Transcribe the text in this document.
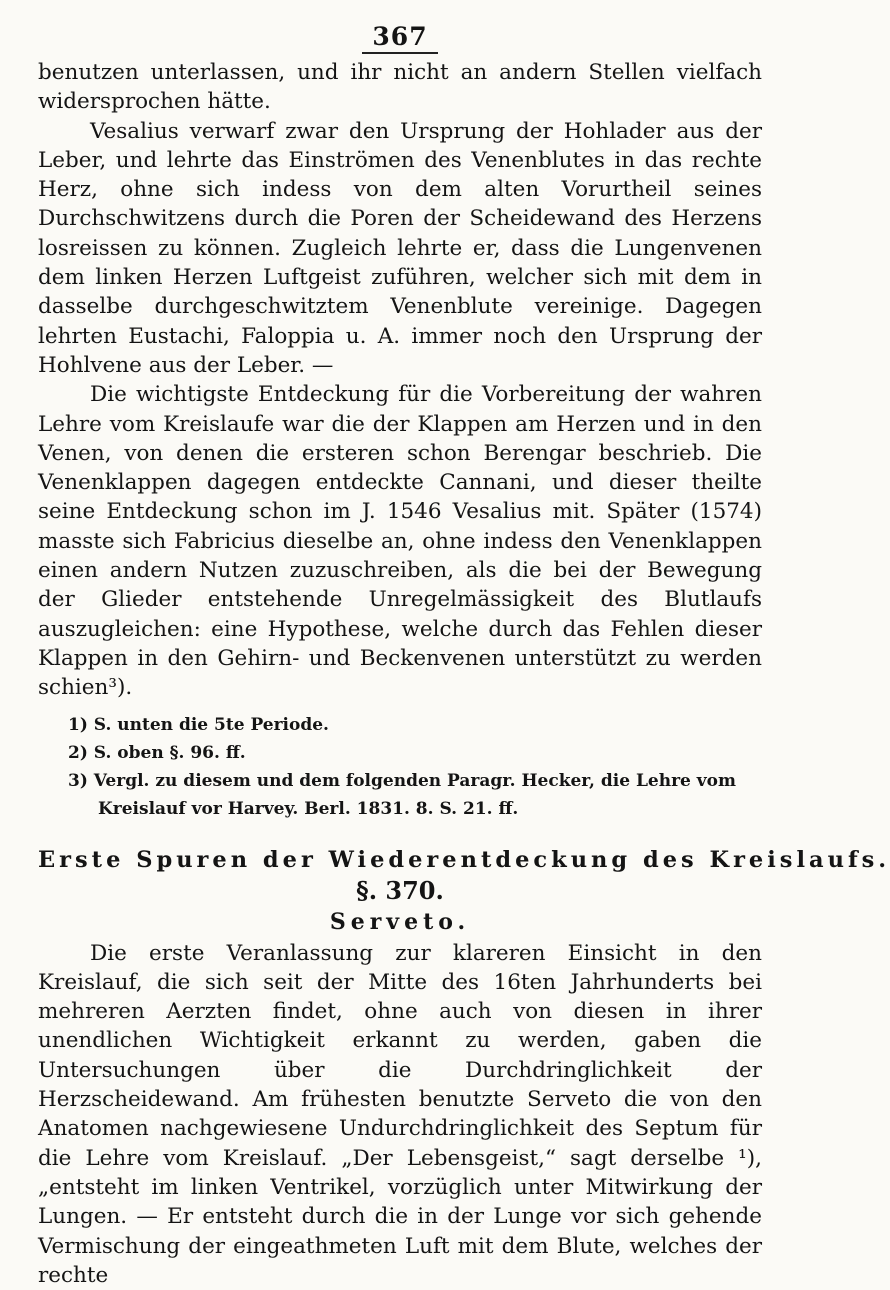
367

benutzen unterlassen, und ihr nicht an andern Stellen vielfach widersprochen hätte.

Vesalius verwarf zwar den Ursprung der Hohlader aus der Leber, und lehrte das Einströmen des Venenblutes in das rechte Herz, ohne sich indess von dem alten Vorurtheil seines Durchschwitzens durch die Poren der Scheidewand des Herzens losreissen zu können. Zugleich lehrte er, dass die Lungenvenen dem linken Herzen Luftgeist zuführen, welcher sich mit dem in dasselbe durchgeschwitztem Venenblute vereinige. Dagegen lehrten Eustachi, Faloppia u. A. immer noch den Ursprung der Hohlvene aus der Leber. —

Die wichtigste Entdeckung für die Vorbereitung der wahren Lehre vom Kreislaufe war die der Klappen am Herzen und in den Venen, von denen die ersteren schon Berengar beschrieb. Die Venenklappen dagegen entdeckte Cannani, und dieser theilte seine Entdeckung schon im J. 1546 Vesalius mit. Später (1574) masste sich Fabricius dieselbe an, ohne indess den Venenklappen einen andern Nutzen zuzuschreiben, als die bei der Bewegung der Glieder entstehende Unregelmässigkeit des Blutlaufs auszugleichen: eine Hypothese, welche durch das Fehlen dieser Klappen in den Gehirn- und Beckenvenen unterstützt zu werden schien³).

1) S. unten die 5te Periode.
2) S. oben §. 96. ff.
3) Vergl. zu diesem und dem folgenden Paragr. Hecker, die Lehre vom Kreislauf vor Harvey. Berl. 1831. 8. S. 21. ff.
Erste Spuren der Wiederentdeckung des Kreislaufs.
§. 370.
Serveto.

Die erste Veranlassung zur klareren Einsicht in den Kreislauf, die sich seit der Mitte des 16ten Jahrhunderts bei mehreren Aerzten findet, ohne auch von diesen in ihrer unendlichen Wichtigkeit erkannt zu werden, gaben die Untersuchungen über die Durchdringlichkeit der Herzscheidewand. Am frühesten benutzte Serveto die von den Anatomen nachgewiesene Undurchdringlichkeit des Septum für die Lehre vom Kreislauf. „Der Lebensgeist,“ sagt derselbe ¹), „entsteht im linken Ventrikel, vorzüglich unter Mitwirkung der Lungen. — Er entsteht durch die in der Lunge vor sich gehende Vermischung der eingeathmeten Luft mit dem Blute, welches der rechte
